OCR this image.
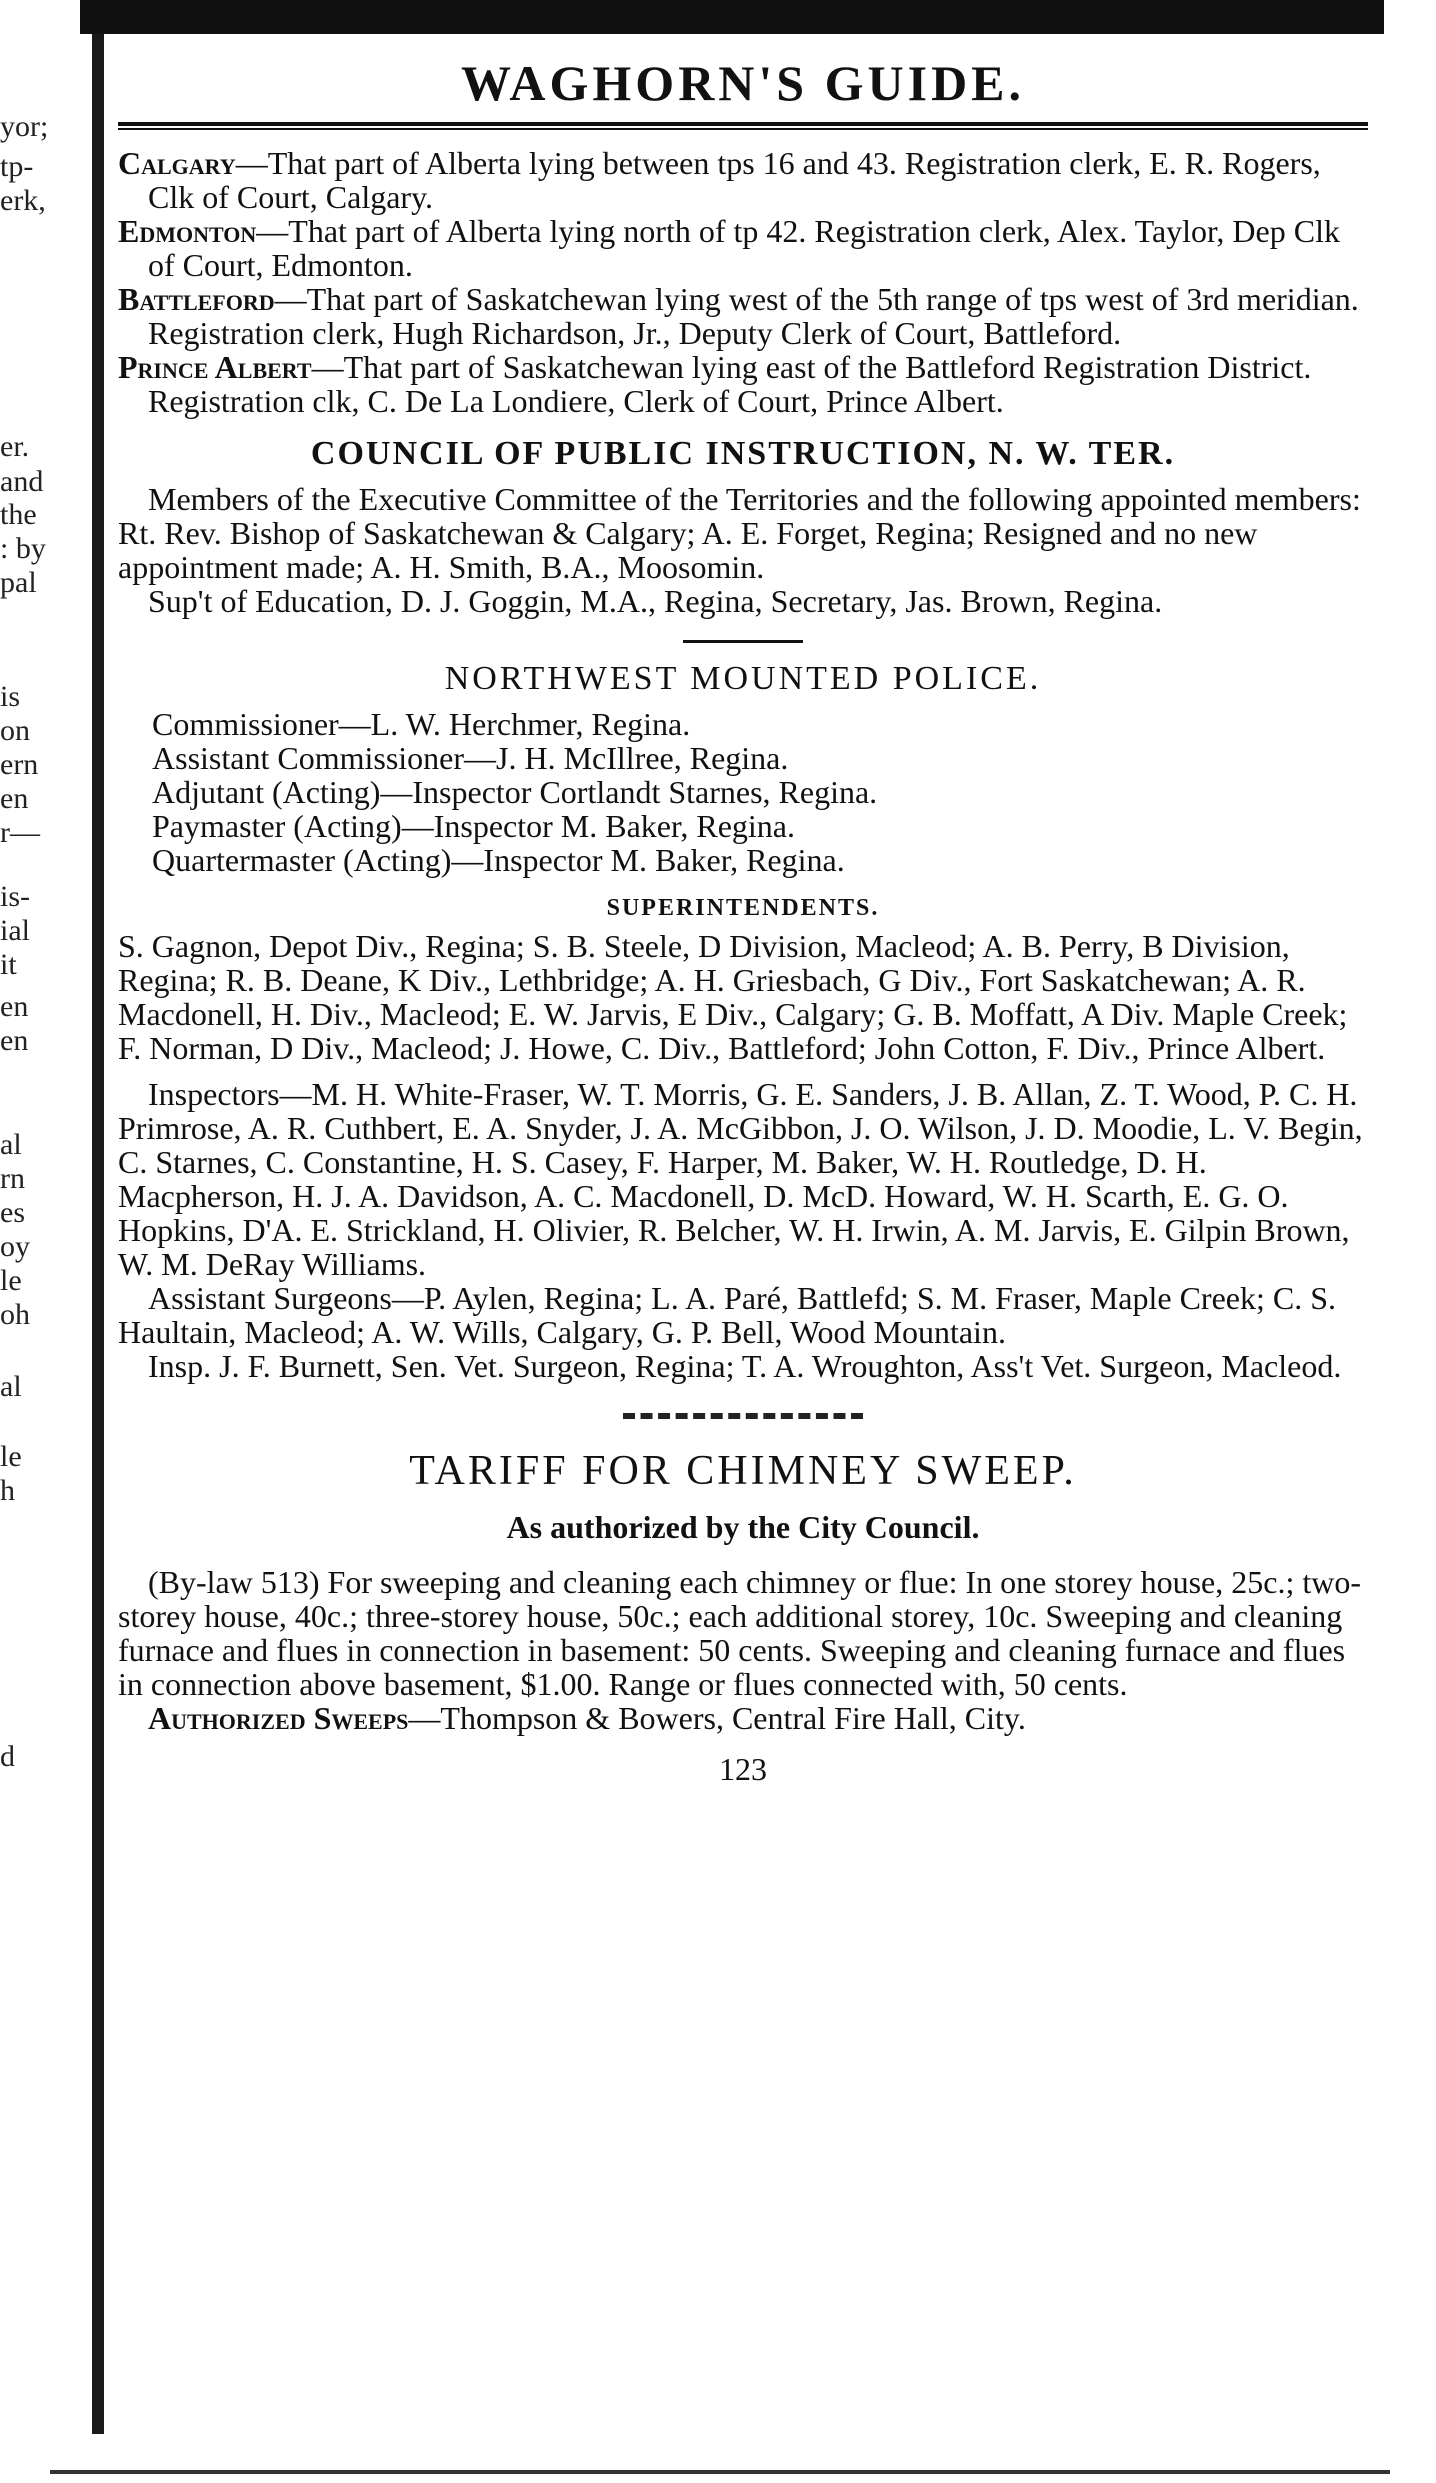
yor;
tp-
erk,
er.
and
the
: by
pal
is
on
ern
en
r—
is-
ial
it
en
en
al
rn
es
oy
le
oh
al
le
h
d
WAGHORN'S GUIDE.

Calgary—That part of Alberta lying between tps 16 and 43. Registration clerk, E. R. Rogers, Clk of Court, Calgary.

Edmonton—That part of Alberta lying north of tp 42. Registration clerk, Alex. Taylor, Dep Clk of Court, Edmonton.

Battleford—That part of Saskatchewan lying west of the 5th range of tps west of 3rd meridian. Registration clerk, Hugh Richardson, Jr., Deputy Clerk of Court, Battleford.

Prince Albert—That part of Saskatchewan lying east of the Battleford Registration District. Registration clk, C. De La Londiere, Clerk of Court, Prince Albert.

COUNCIL OF PUBLIC INSTRUCTION, N. W. TER.

Members of the Executive Committee of the Territories and the following appointed members: Rt. Rev. Bishop of Saskatchewan & Calgary; A. E. Forget, Regina; Resigned and no new appointment made; A. H. Smith, B.A., Moosomin.

Sup't of Education, D. J. Goggin, M.A., Regina, Secretary, Jas. Brown, Regina.

NORTHWEST MOUNTED POLICE.

Commissioner—L. W. Herchmer, Regina.

Assistant Commissioner—J. H. McIllree, Regina.

Adjutant (Acting)—Inspector Cortlandt Starnes, Regina.

Paymaster (Acting)—Inspector M. Baker, Regina.

Quartermaster (Acting)—Inspector M. Baker, Regina.

SUPERINTENDENTS.

S. Gagnon, Depot Div., Regina; S. B. Steele, D Division, Macleod; A. B. Perry, B Division, Regina; R. B. Deane, K Div., Lethbridge; A. H. Griesbach, G Div., Fort Saskatchewan; A. R. Macdonell, H. Div., Macleod; E. W. Jarvis, E Div., Calgary; G. B. Moffatt, A Div. Maple Creek; F. Norman, D Div., Macleod; J. Howe, C. Div., Battleford; John Cotton, F. Div., Prince Albert.

Inspectors—M. H. White-Fraser, W. T. Morris, G. E. Sanders, J. B. Allan, Z. T. Wood, P. C. H. Primrose, A. R. Cuthbert, E. A. Snyder, J. A. McGibbon, J. O. Wilson, J. D. Moodie, L. V. Begin, C. Starnes, C. Constantine, H. S. Casey, F. Harper, M. Baker, W. H. Routledge, D. H. Macpherson, H. J. A. Davidson, A. C. Macdonell, D. McD. Howard, W. H. Scarth, E. G. O. Hopkins, D'A. E. Strickland, H. Olivier, R. Belcher, W. H. Irwin, A. M. Jarvis, E. Gilpin Brown, W. M. DeRay Williams.

Assistant Surgeons—P. Aylen, Regina; L. A. Paré, Battlefd; S. M. Fraser, Maple Creek; C. S. Haultain, Macleod; A. W. Wills, Calgary, G. P. Bell, Wood Mountain.

Insp. J. F. Burnett, Sen. Vet. Surgeon, Regina; T. A. Wroughton, Ass't Vet. Surgeon, Macleod.

TARIFF FOR CHIMNEY SWEEP.
As authorized by the City Council.

(By-law 513) For sweeping and cleaning each chimney or flue: In one storey house, 25c.; two-storey house, 40c.; three-storey house, 50c.; each additional storey, 10c. Sweeping and cleaning furnace and flues in connection in basement: 50 cents. Sweeping and cleaning furnace and flues in connection above basement, $1.00. Range or flues connected with, 50 cents.

Authorized Sweeps—Thompson & Bowers, Central Fire Hall, City.

123
